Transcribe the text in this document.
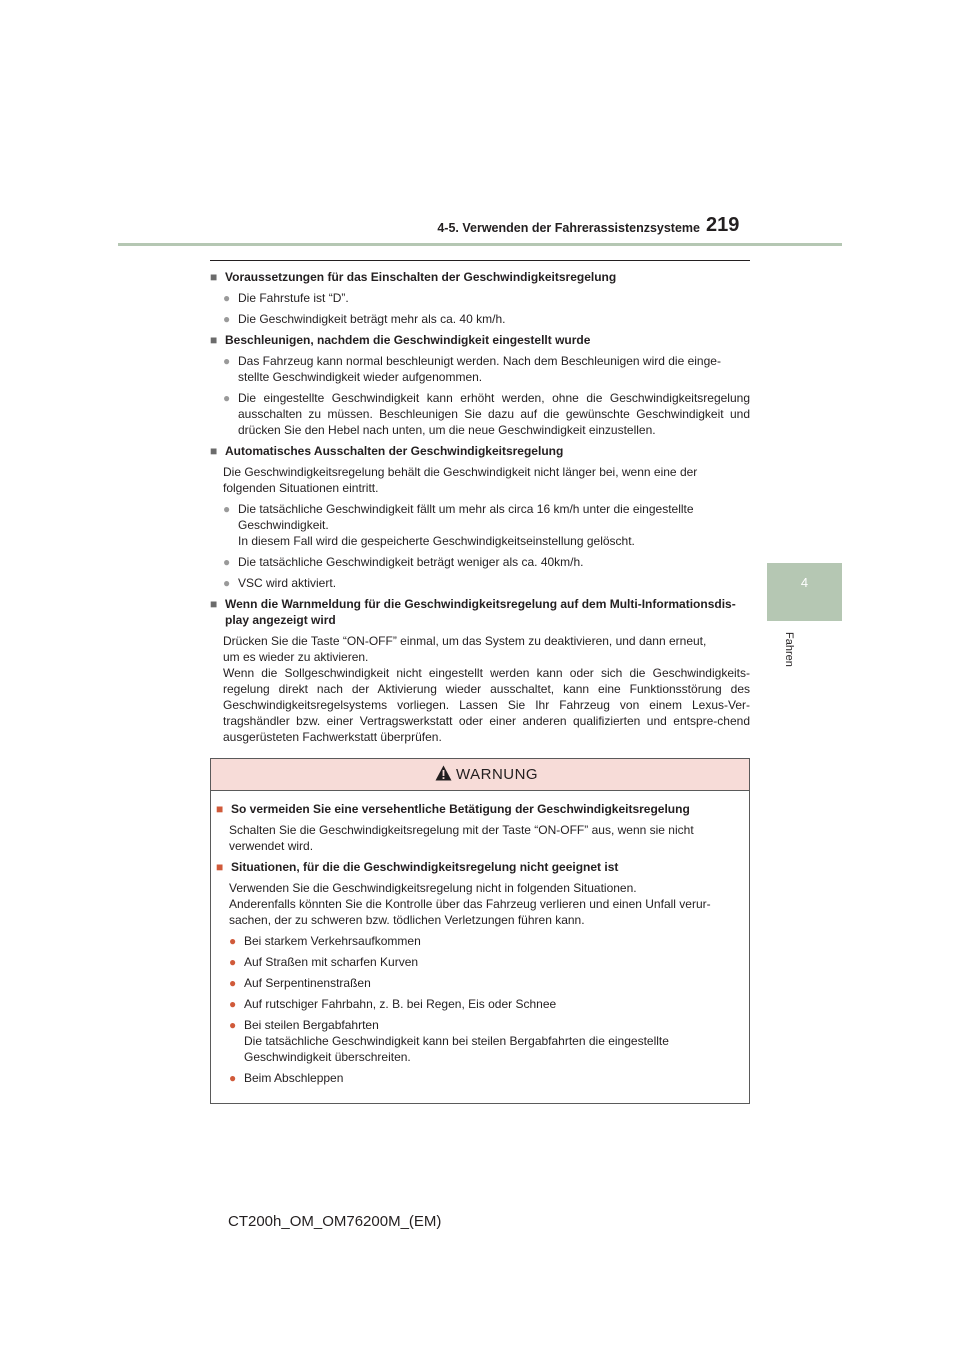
4-5. Verwenden der Fahrerassistenzsysteme 219
4
Fahren
■ Voraussetzungen für das Einschalten der Geschwindigkeitsregelung
● Die Fahrstufe ist “D”.
● Die Geschwindigkeit beträgt mehr als ca. 40 km/h.
■ Beschleunigen, nachdem die Geschwindigkeit eingestellt wurde
● Das Fahrzeug kann normal beschleunigt werden. Nach dem Beschleunigen wird die einge-
stellte Geschwindigkeit wieder aufgenommen.
● Die eingestellte Geschwindigkeit kann erhöht werden, ohne die Geschwindigkeitsregelung ausschalten zu müssen. Beschleunigen Sie dazu auf die gewünschte Geschwindigkeit und drücken Sie den Hebel nach unten, um die neue Geschwindigkeit einzustellen.
■ Automatisches Ausschalten der Geschwindigkeitsregelung
Die Geschwindigkeitsregelung behält die Geschwindigkeit nicht länger bei, wenn eine der
folgenden Situationen eintritt.
● Die tatsächliche Geschwindigkeit fällt um mehr als circa 16 km/h unter die eingestellte
Geschwindigkeit.
In diesem Fall wird die gespeicherte Geschwindigkeitseinstellung gelöscht.
● Die tatsächliche Geschwindigkeit beträgt weniger als ca. 40km/h.
● VSC wird aktiviert.
■ Wenn die Warnmeldung für die Geschwindigkeitsregelung auf dem Multi-Informationsdis-
play angezeigt wird
Drücken Sie die Taste “ON-OFF” einmal, um das System zu deaktivieren, und dann erneut,
um es wieder zu aktivieren.
Wenn die Sollgeschwindigkeit nicht eingestellt werden kann oder sich die Geschwindigkeits-regelung direkt nach der Aktivierung wieder ausschaltet, kann eine Funktionsstörung des Geschwindigkeitsregelsystems vorliegen. Lassen Sie Ihr Fahrzeug von einem Lexus-Ver-tragshändler bzw. einer Vertragswerkstatt oder einer anderen qualifizierten und entspre-chend ausgerüsteten Fachwerkstatt überprüfen.
WARNUNG
■ So vermeiden Sie eine versehentliche Betätigung der Geschwindigkeitsregelung
Schalten Sie die Geschwindigkeitsregelung mit der Taste “ON-OFF” aus, wenn sie nicht
verwendet wird.
■ Situationen, für die die Geschwindigkeitsregelung nicht geeignet ist
Verwenden Sie die Geschwindigkeitsregelung nicht in folgenden Situationen.
Anderenfalls könnten Sie die Kontrolle über das Fahrzeug verlieren und einen Unfall verur-
sachen, der zu schweren bzw. tödlichen Verletzungen führen kann.
● Bei starkem Verkehrsaufkommen
● Auf Straßen mit scharfen Kurven
● Auf Serpentinenstraßen
● Auf rutschiger Fahrbahn, z. B. bei Regen, Eis oder Schnee
● Bei steilen Bergabfahrten
Die tatsächliche Geschwindigkeit kann bei steilen Bergabfahrten die eingestellte
Geschwindigkeit überschreiten.
● Beim Abschleppen
CT200h_OM_OM76200M_(EM)
